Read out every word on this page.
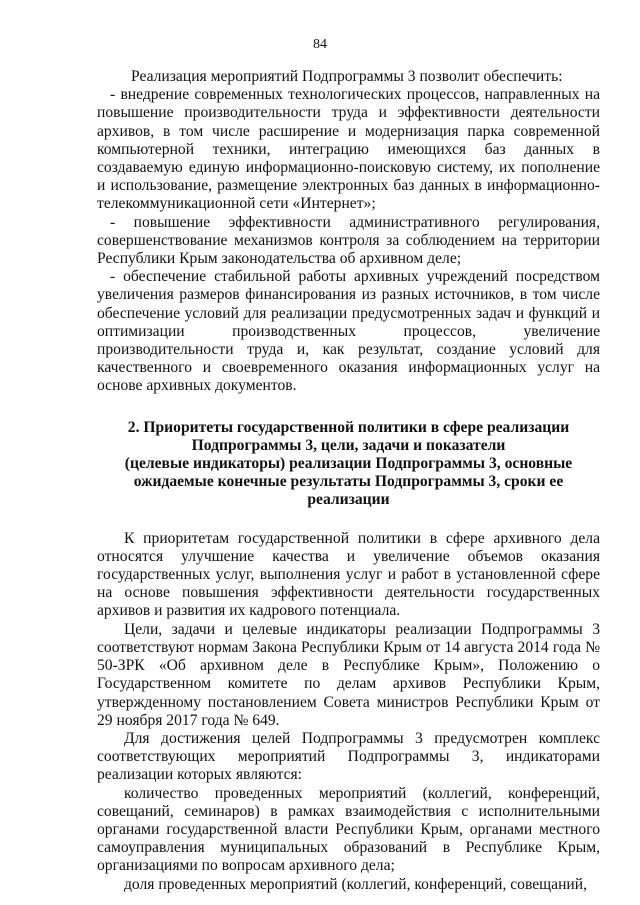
84

Реализация мероприятий Подпрограммы 3 позволит обеспечить:

- внедрение современных технологических процессов, направленных на повышение производительности труда и эффективности деятельности архивов, в том числе расширение и модернизация парка современной компьютерной техники, интеграцию имеющихся баз данных в создаваемую единую информационно-поисковую систему, их пополнение и использование, размещение электронных баз данных в информационно-телекоммуникационной сети «Интернет»;

- повышение эффективности административного регулирования, совершенствование механизмов контроля за соблюдением на территории Республики Крым законодательства об архивном деле;

- обеспечение стабильной работы архивных учреждений посредством увеличения размеров финансирования из разных источников, в том числе обеспечение условий для реализации предусмотренных задач и функций и оптимизации производственных процессов, увеличение производительности труда и, как результат, создание условий для качественного и своевременного оказания информационных услуг на основе архивных документов.

2. Приоритеты государственной политики в сфере реализации
Подпрограммы 3, цели, задачи и показатели
(целевые индикаторы) реализации Подпрограммы 3, основные
ожидаемые конечные результаты Подпрограммы 3, сроки ее реализации

К приоритетам государственной политики в сфере архивного дела относятся улучшение качества и увеличение объемов оказания государственных услуг, выполнения услуг и работ в установленной сфере на основе повышения эффективности деятельности государственных архивов и развития их кадрового потенциала.

Цели, задачи и целевые индикаторы реализации Подпрограммы 3 соответствуют нормам Закона Республики Крым от 14 августа 2014 года № 50-ЗРК «Об архивном деле в Республике Крым», Положению о Государственном комитете по делам архивов Республики Крым, утвержденному постановлением Совета министров Республики Крым от 29 ноября 2017 года № 649.

Для достижения целей Подпрограммы 3 предусмотрен комплекс соответствующих мероприятий Подпрограммы 3, индикаторами реализации которых являются:

количество проведенных мероприятий (коллегий, конференций, совещаний, семинаров) в рамках взаимодействия с исполнительными органами государственной власти Республики Крым, органами местного самоуправления муниципальных образований в Республике Крым, организациями по вопросам архивного дела;

доля проведенных мероприятий (коллегий, конференций, совещаний,
